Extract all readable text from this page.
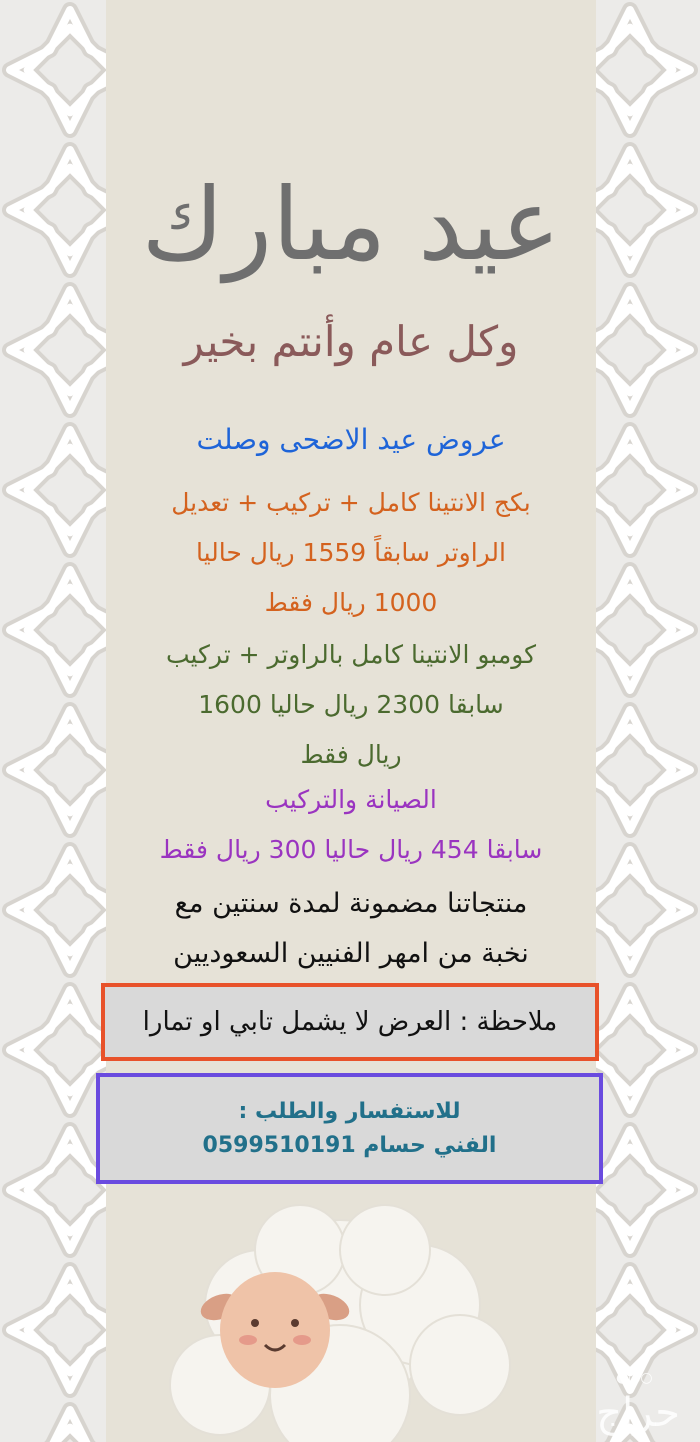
عيد مبارك
وكل عام وأنتم بخير
عروض عيد الاضحى وصلت
بكج الانتينا كامل + تركيب + تعديل
الراوتر سابقاً 1559 ريال حاليا
1000 ريال فقط
كومبو الانتينا كامل بالراوتر + تركيب
سابقا 2300 ريال حاليا 1600
ريال فقط
الصيانة والتركيب
سابقا 454 ريال حاليا 300 ريال فقط
منتجاتنا مضمونة لمدة سنتين مع
نخبة من امهر الفنيين السعوديين
ملاحظة : العرض لا يشمل تابي او تمارا
للاستفسار والطلب :
الفني حسام 0599510191
●○○
حراج
